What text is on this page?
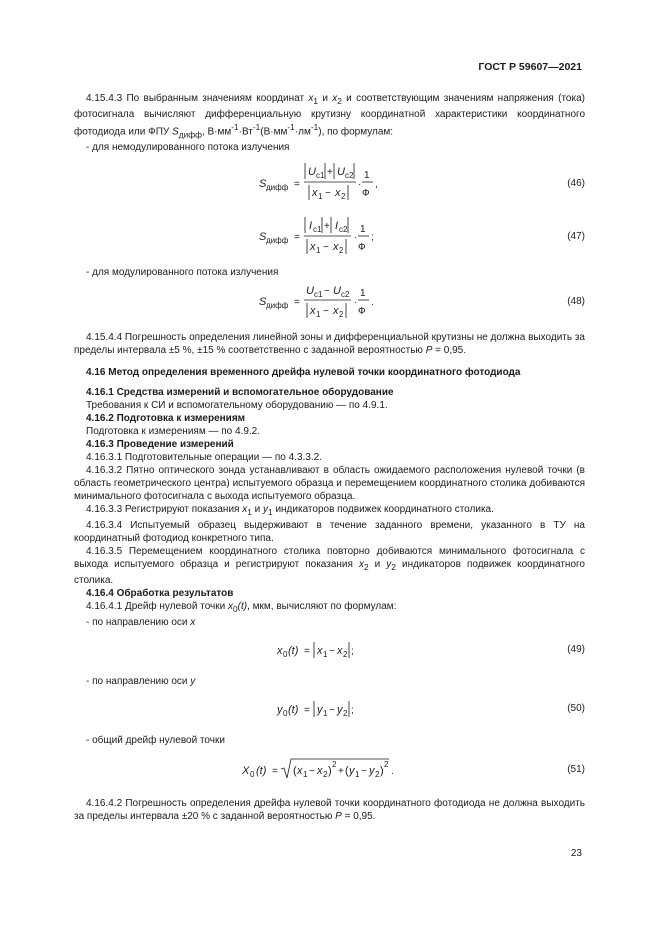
ГОСТ Р 59607—2021

4.15.4.3 По выбранным значениям координат $x_1$ и $x_2$ и соответствующим значениям напряжения (тока) фотосигнала вычисляют дифференциальную крутизну координатной характеристики координатного фотодиода или ФПУ $S_{дифф}$, $В\cdot мм^{-1}\cdot Вт^{-1}(В\cdot мм^{-1}\cdot лм^{-1})$, по формулам:

- для немодулированного потока излучения

S дифф =
U c1 + U c2
x 1 − x 2
·
1
Ф
,	(46)
S дифф =
I c1 + I c2
x 1 − x 2
·
1
Ф
;	(47)

- для модулированного потока излучения

S дифф =
U c1 − U c2
x 1 − x 2
·
1
Ф
.	(48)

4.15.4.4 Погрешность определения линейной зоны и дифференциальной крутизны не должна выходить за пределы интервала ±5 %, ±15 % соответственно с заданной вероятностью P = 0,95.

4.16 Метод определения временного дрейфа нулевой точки координатного фотодиода

4.16.1 Средства измерений и вспомогательное оборудование

Требования к СИ и вспомогательному оборудованию — по 4.9.1.

4.16.2 Подготовка к измерениям

Подготовка к измерениям — по 4.9.2.

4.16.3 Проведение измерений

4.16.3.1 Подготовительные операции — по 4.3.3.2.

4.16.3.2 Пятно оптического зонда устанавливают в область ожидаемого расположения нулевой точки (в область геометрического центра) испытуемого образца и перемещением координатного столика добиваются минимального фотосигнала с выхода испытуемого образца.

4.16.3.3 Регистрируют показания $x_1$ и $y_1$ индикаторов подвижек координатного столика.

4.16.3.4 Испытуемый образец выдерживают в течение заданного времени, указанного в ТУ на координатный фотодиод конкретного типа.

4.16.3.5 Перемещением координатного столика повторно добиваются минимального фотосигнала с выхода испытуемого образца и регистрируют показания $x_2$ и $y_2$ индикаторов подвижек координатного столика.

4.16.4 Обработка результатов

4.16.4.1 Дрейф нулевой точки $x_0(t)$, мкм, вычисляют по формулам:

- по направлению оси x

x 0 (t) = x 1 − x 2 ;	(49)

- по направлению оси y

y 0 (t) = y 1 − y 2 ;	(50)

- общий дрейф нулевой точки

X 0 (t) = ( x 1 − x 2 )
2
+ ( y 1 − y 2 )
2
.	(51)

4.16.4.2 Погрешность определения дрейфа нулевой точки координатного фотодиода не должна выходить за пределы интервала ±20 % с заданной вероятностью P = 0,95.

23
